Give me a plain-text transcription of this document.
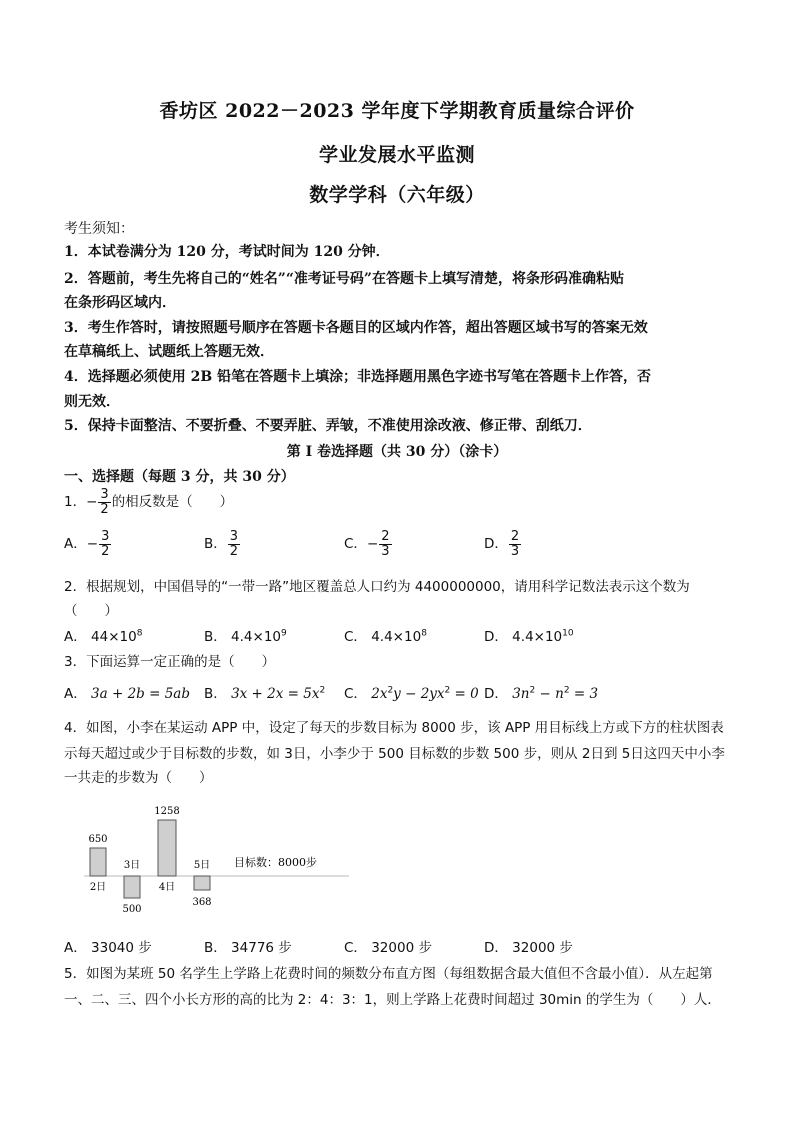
香坊区 2022－2023 学年度下学期教育质量综合评价
学业发展水平监测
数学学科（六年级）
考生须知：
1．本试卷满分为 120 分，考试时间为 120 分钟．
2．答题前，考生先将自己的“姓名”“准考证号码”在答题卡上填写清楚，将条形码准确粘贴
在条形码区域内．
3．考生作答时，请按照题号顺序在答题卡各题目的区域内作答，超出答题区域书写的答案无效
在草稿纸上、试题纸上答题无效．
4．选择题必须使用 2B 铅笔在答题卡上填涂；非选择题用黑色字迹书写笔在答题卡上作答，否
则无效．
5．保持卡面整洁、不要折叠、不要弄脏、弄皱，不准使用涂改液、修正带、刮纸刀．
第 I 卷选择题（共 30 分）（涂卡）
一、选择题（每题 3 分，共 30 分）
1．− $\frac{3}{2}$ 的相反数是（　　）
A．− $\frac{3}{2}$	B． $\frac{3}{2}$	C．− $\frac{2}{3}$	D． $\frac{2}{3}$
2．根据规划，中国倡导的“一带一路”地区覆盖总人口约为 4400000000，请用科学记数法表示这个数为
（　　）
A． $44\times 10^8$	B． $4.4\times 10^9$	C． $4.4\times 10^8$	D． $4.4\times 10^{10}$
3．下面运算一定正确的是（　　）
A． 3a + 2b = 5ab B． $3x + 2x = 5x^2$ C． $2x^2y - 2yx^2 = 0$ D． $3n^2 - n^2 = 3$
4．如图，小李在某运动 APP 中，设定了每天的步数目标为 8000 步，该 APP 用目标线上方或下方的柱状图表
示每天超过或少于目标数的步数，如 3日，小李少于 500 目标数的步数 500 步，则从 2日到 5日这四天中小李
一共走的步数为（　　）
650
2日
3日
500
1258
4日
5日
368
目标数：8000步
A． 33040 步	B． 34776 步	C． 32000 步	D． 32000 步
5．如图为某班 50 名学生上学路上花费时间的频数分布直方图（每组数据含最大值但不含最小值）．从左起第
一、二、三、四个小长方形的高的比为 2：4：3：1，则上学路上花费时间超过 30min 的学生为（　　）人．
